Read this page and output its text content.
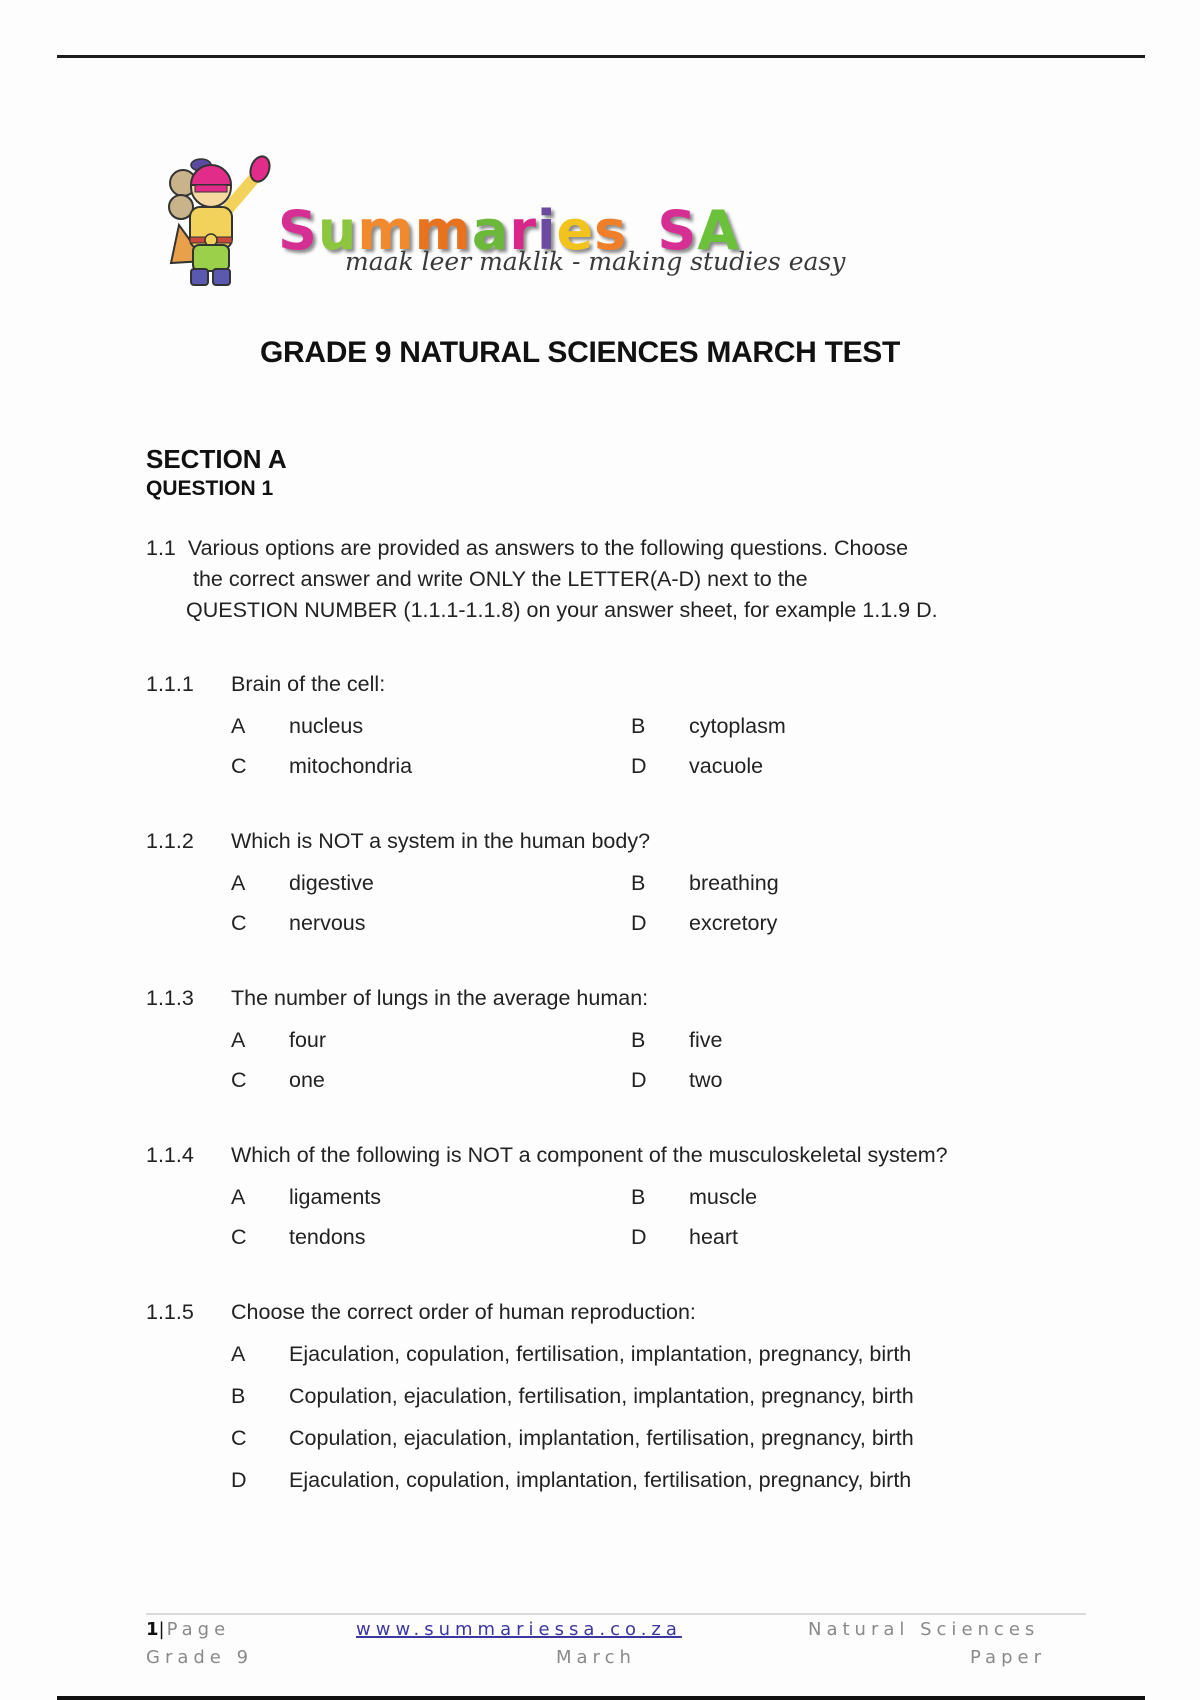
Summaries SA
maak leer maklik - making studies easy
GRADE 9 NATURAL SCIENCES MARCH TEST
SECTION A
QUESTION 1
1.1 Various options are provided as answers to the following questions. Choose
the correct answer and write ONLY the LETTER(A-D) next to the
QUESTION NUMBER (1.1.1-1.1.8) on your answer sheet, for example 1.1.9 D.
1.1.1 Brain of the cell:
A nucleus	B cytoplasm
C mitochondria	D vacuole
1.1.2 Which is NOT a system in the human body?
A digestive	B breathing
C nervous	D excretory
1.1.3 The number of lungs in the average human:
A four	B five
C one	D two
1.1.4 Which of the following is NOT a component of the musculoskeletal system?
A ligaments	B muscle
C tendons	D heart
1.1.5 Choose the correct order of human reproduction:
A Ejaculation, copulation, fertilisation, implantation, pregnancy, birth
B Copulation, ejaculation, fertilisation, implantation, pregnancy, birth
C Copulation, ejaculation, implantation, fertilisation, pregnancy, birth
D Ejaculation, copulation, implantation, fertilisation, pregnancy, birth
1|Page
Grade 9
www.summariessa.co.za
March
Natural Sciences
Paper
